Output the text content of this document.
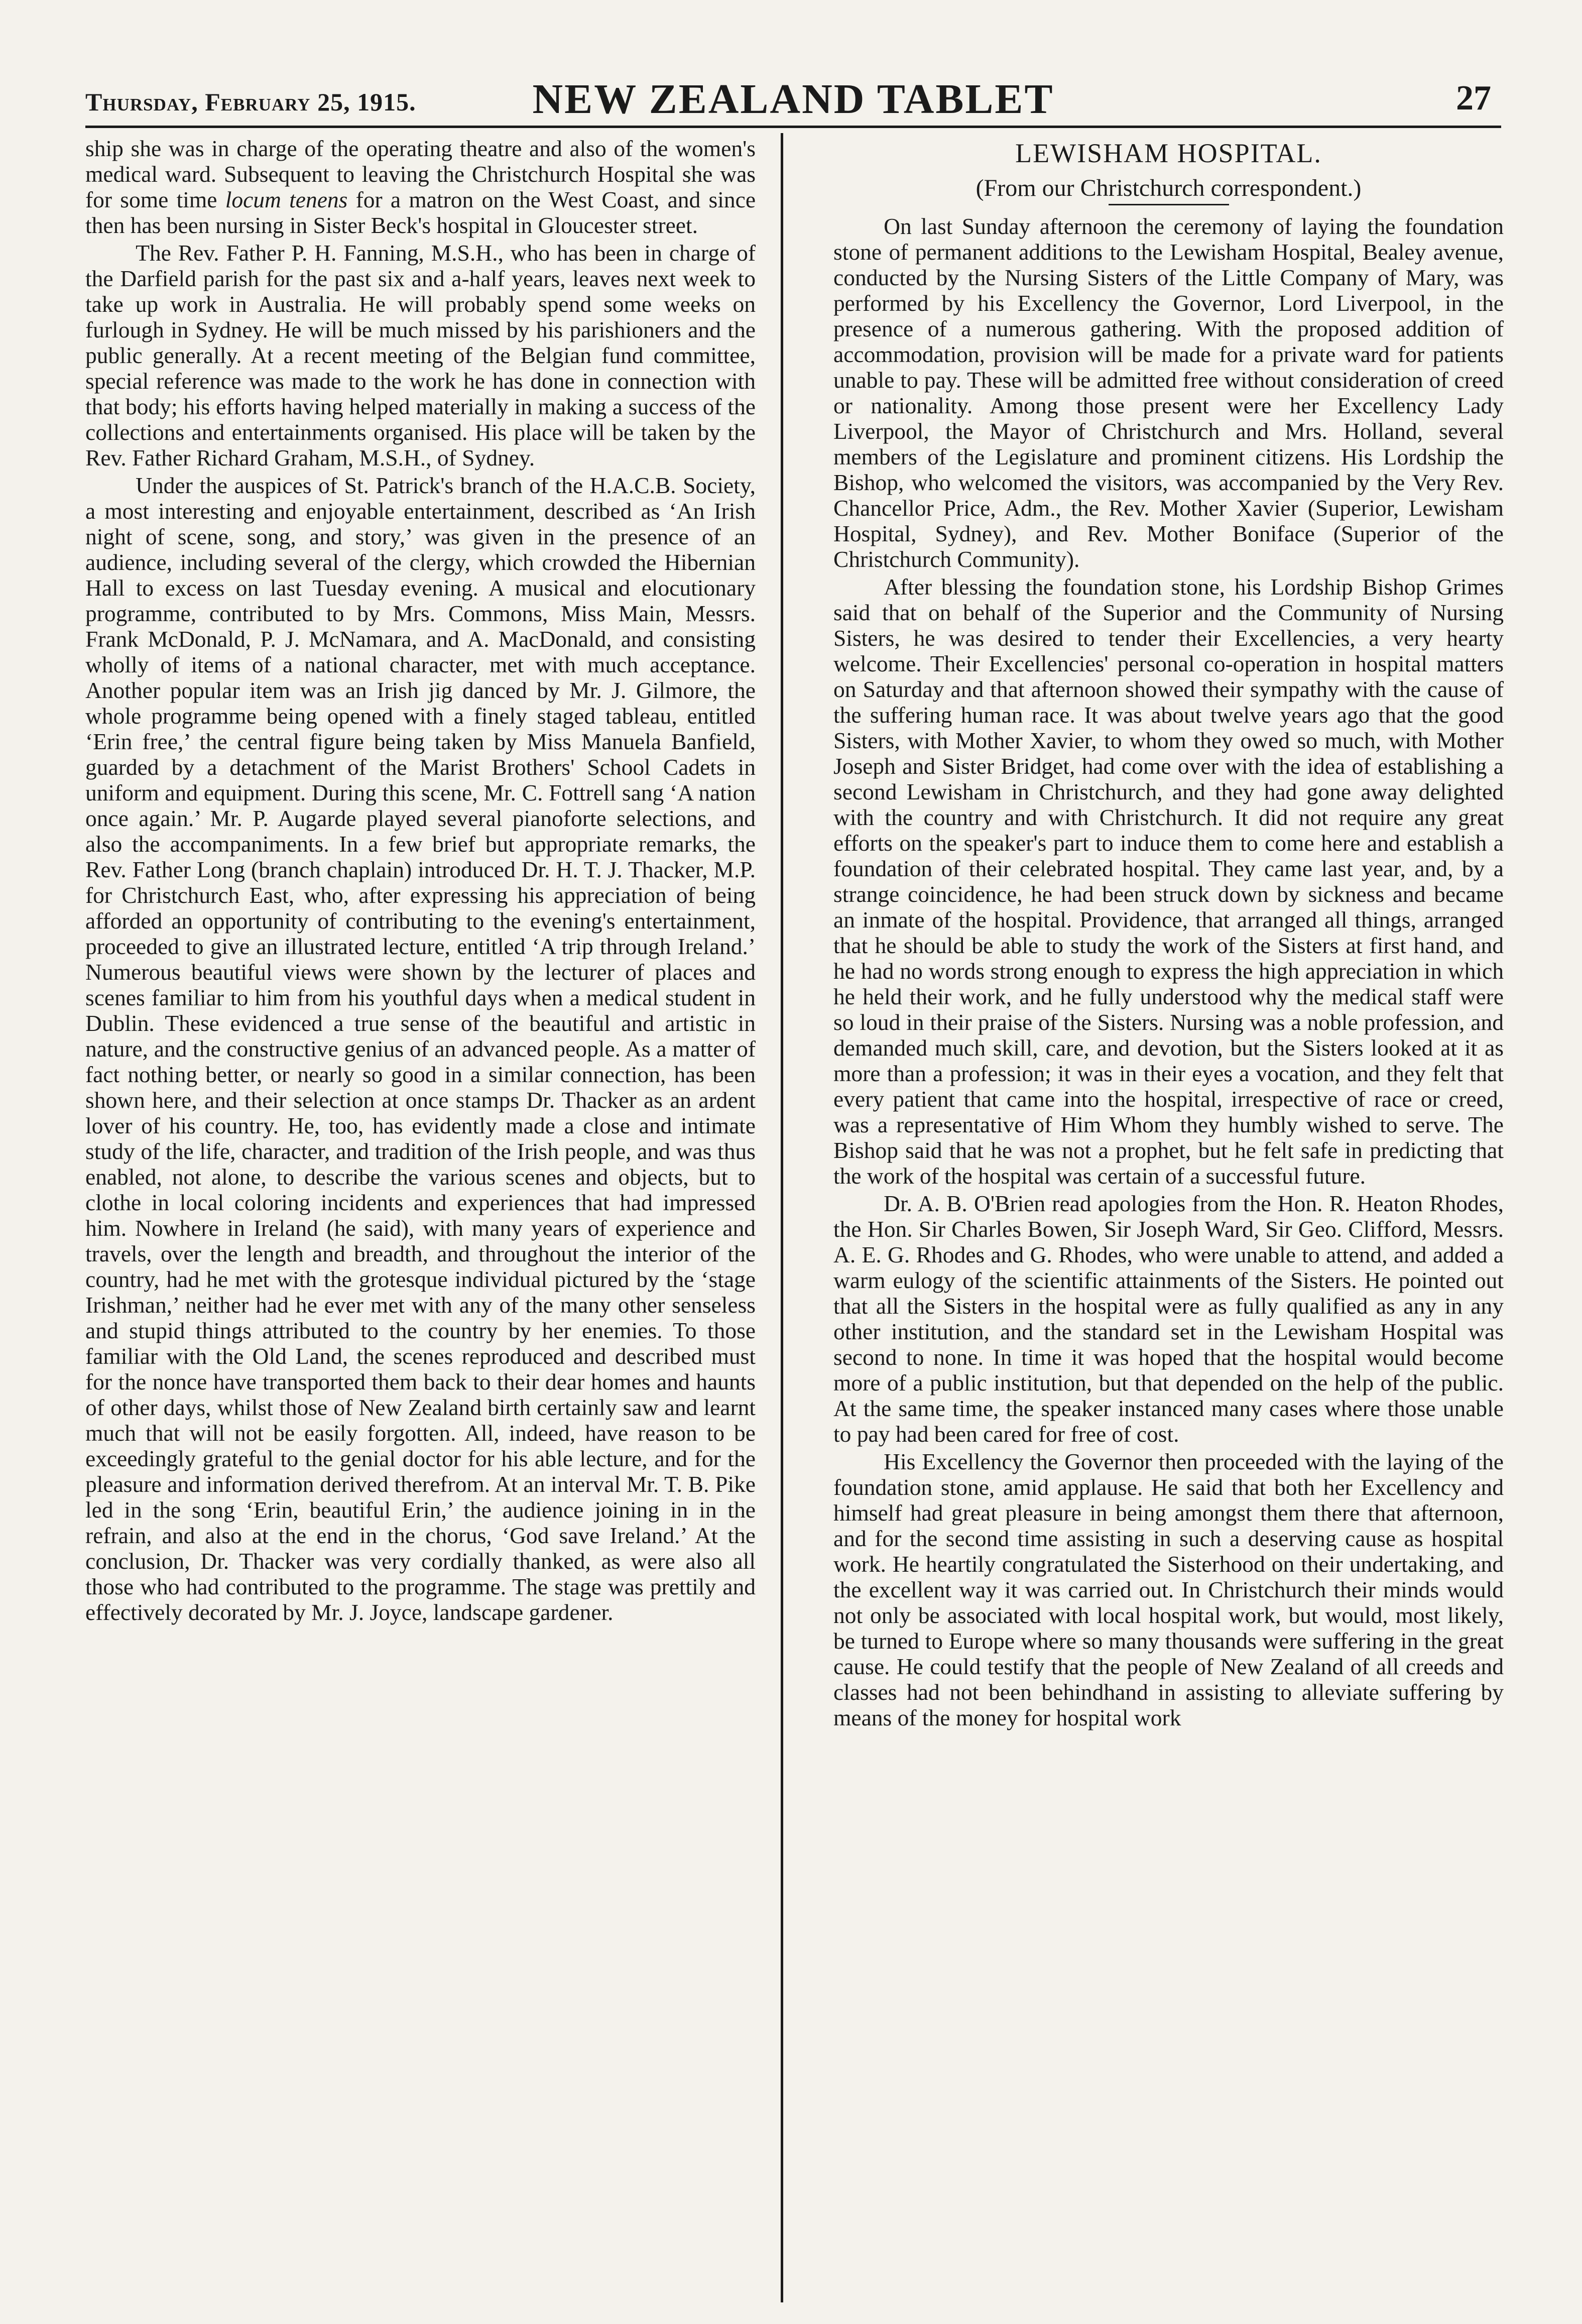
Thursday, February 25, 1915.	NEW ZEALAND TABLET	27

ship she was in charge of the operating theatre and also of the women's medical ward. Subsequent to leaving the Christchurch Hospital she was for some time locum tenens for a matron on the West Coast, and since then has been nursing in Sister Beck's hospital in Gloucester street.

The Rev. Father P. H. Fanning, M.S.H., who has been in charge of the Darfield parish for the past six and a-half years, leaves next week to take up work in Australia. He will probably spend some weeks on furlough in Sydney. He will be much missed by his parishioners and the public generally. At a recent meeting of the Belgian fund committee, special reference was made to the work he has done in connection with that body; his efforts having helped materially in making a success of the collections and entertainments organised. His place will be taken by the Rev. Father Richard Graham, M.S.H., of Sydney.

Under the auspices of St. Patrick's branch of the H.A.C.B. Society, a most interesting and enjoyable entertainment, described as ‘An Irish night of scene, song, and story,’ was given in the presence of an audience, including several of the clergy, which crowded the Hibernian Hall to excess on last Tuesday evening. A musical and elocutionary programme, contributed to by Mrs. Commons, Miss Main, Messrs. Frank McDonald, P. J. McNamara, and A. MacDonald, and consisting wholly of items of a national character, met with much acceptance. Another popular item was an Irish jig danced by Mr. J. Gilmore, the whole programme being opened with a finely staged tableau, entitled ‘Erin free,’ the central figure being taken by Miss Manuela Banfield, guarded by a detachment of the Marist Brothers' School Cadets in uniform and equipment. During this scene, Mr. C. Fottrell sang ‘A nation once again.’ Mr. P. Augarde played several pianoforte selections, and also the accompaniments. In a few brief but appropriate remarks, the Rev. Father Long (branch chaplain) introduced Dr. H. T. J. Thacker, M.P. for Christchurch East, who, after expressing his appreciation of being afforded an opportunity of contributing to the evening's entertainment, proceeded to give an illustrated lecture, entitled ‘A trip through Ireland.’ Numerous beautiful views were shown by the lecturer of places and scenes familiar to him from his youthful days when a medical student in Dublin. These evidenced a true sense of the beautiful and artistic in nature, and the constructive genius of an advanced people. As a matter of fact nothing better, or nearly so good in a similar connection, has been shown here, and their selection at once stamps Dr. Thacker as an ardent lover of his country. He, too, has evidently made a close and intimate study of the life, character, and tradition of the Irish people, and was thus enabled, not alone, to describe the various scenes and objects, but to clothe in local coloring incidents and experiences that had impressed him. Nowhere in Ireland (he said), with many years of experience and travels, over the length and breadth, and throughout the interior of the country, had he met with the grotesque individual pictured by the ‘stage Irishman,’ neither had he ever met with any of the many other senseless and stupid things attributed to the country by her enemies. To those familiar with the Old Land, the scenes reproduced and described must for the nonce have transported them back to their dear homes and haunts of other days, whilst those of New Zealand birth certainly saw and learnt much that will not be easily forgotten. All, indeed, have reason to be exceedingly grateful to the genial doctor for his able lecture, and for the pleasure and information derived therefrom. At an interval Mr. T. B. Pike led in the song ‘Erin, beautiful Erin,’ the audience joining in in the refrain, and also at the end in the chorus, ‘God save Ireland.’ At the conclusion, Dr. Thacker was very cordially thanked, as were also all those who had contributed to the programme. The stage was prettily and effectively decorated by Mr. J. Joyce, landscape gardener.

LEWISHAM HOSPITAL.
(From our Christchurch correspondent.)

On last Sunday afternoon the ceremony of laying the foundation stone of permanent additions to the Lewisham Hospital, Bealey avenue, conducted by the Nursing Sisters of the Little Company of Mary, was performed by his Excellency the Governor, Lord Liverpool, in the presence of a numerous gathering. With the proposed addition of accommodation, provision will be made for a private ward for patients unable to pay. These will be admitted free without consideration of creed or nationality. Among those present were her Excellency Lady Liverpool, the Mayor of Christchurch and Mrs. Holland, several members of the Legislature and prominent citizens. His Lordship the Bishop, who welcomed the visitors, was accompanied by the Very Rev. Chancellor Price, Adm., the Rev. Mother Xavier (Superior, Lewisham Hospital, Sydney), and Rev. Mother Boniface (Superior of the Christchurch Community).

After blessing the foundation stone, his Lordship Bishop Grimes said that on behalf of the Superior and the Community of Nursing Sisters, he was desired to tender their Excellencies, a very hearty welcome. Their Excellencies' personal co-operation in hospital matters on Saturday and that afternoon showed their sympathy with the cause of the suffering human race. It was about twelve years ago that the good Sisters, with Mother Xavier, to whom they owed so much, with Mother Joseph and Sister Bridget, had come over with the idea of establishing a second Lewisham in Christchurch, and they had gone away delighted with the country and with Christchurch. It did not require any great efforts on the speaker's part to induce them to come here and establish a foundation of their celebrated hospital. They came last year, and, by a strange coincidence, he had been struck down by sickness and became an inmate of the hospital. Providence, that arranged all things, arranged that he should be able to study the work of the Sisters at first hand, and he had no words strong enough to express the high appreciation in which he held their work, and he fully understood why the medical staff were so loud in their praise of the Sisters. Nursing was a noble profession, and demanded much skill, care, and devotion, but the Sisters looked at it as more than a profession; it was in their eyes a vocation, and they felt that every patient that came into the hospital, irrespective of race or creed, was a representative of Him Whom they humbly wished to serve. The Bishop said that he was not a prophet, but he felt safe in predicting that the work of the hospital was certain of a successful future.

Dr. A. B. O'Brien read apologies from the Hon. R. Heaton Rhodes, the Hon. Sir Charles Bowen, Sir Joseph Ward, Sir Geo. Clifford, Messrs. A. E. G. Rhodes and G. Rhodes, who were unable to attend, and added a warm eulogy of the scientific attainments of the Sisters. He pointed out that all the Sisters in the hospital were as fully qualified as any in any other institution, and the standard set in the Lewisham Hospital was second to none. In time it was hoped that the hospital would become more of a public institution, but that depended on the help of the public. At the same time, the speaker instanced many cases where those unable to pay had been cared for free of cost.

His Excellency the Governor then proceeded with the laying of the foundation stone, amid applause. He said that both her Excellency and himself had great pleasure in being amongst them there that afternoon, and for the second time assisting in such a deserving cause as hospital work. He heartily congratulated the Sisterhood on their undertaking, and the excellent way it was carried out. In Christchurch their minds would not only be associated with local hospital work, but would, most likely, be turned to Europe where so many thousands were suffering in the great cause. He could testify that the people of New Zealand of all creeds and classes had not been behindhand in assisting to alleviate suffering by means of the money for hospital work
